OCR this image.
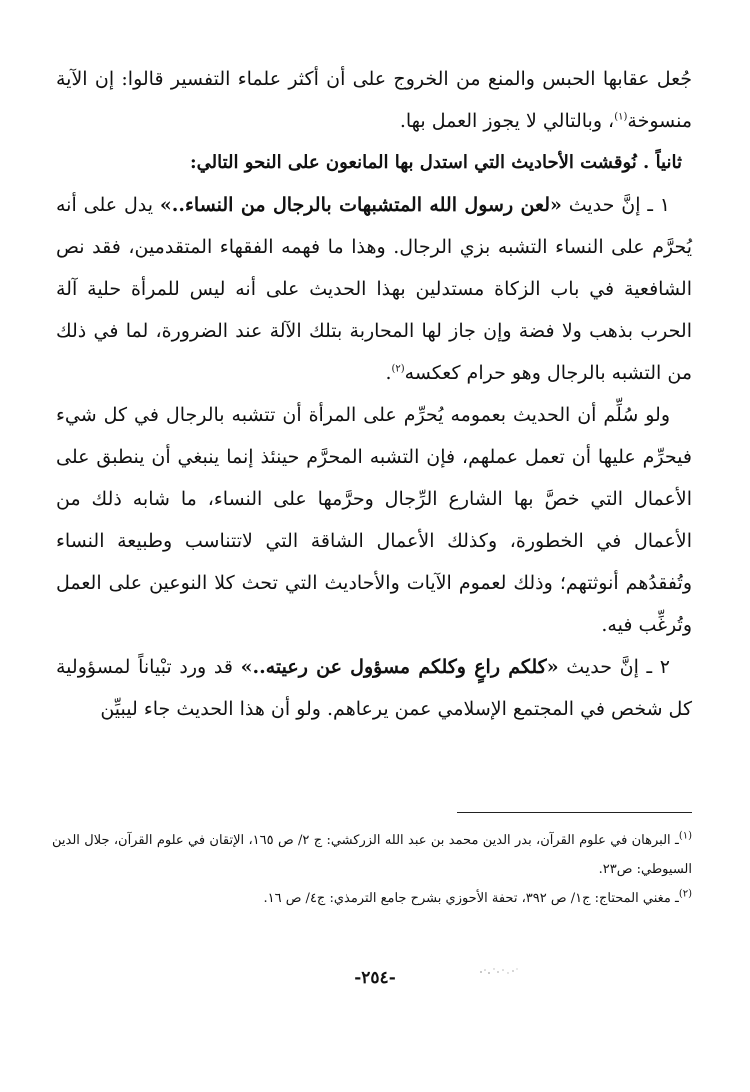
جُعل عقابها الحبس والمنع من الخروج على أن أكثر علماء التفسير قالوا: إن الآية منسوخة$^{(١)}$، وبالتالي لا يجوز العمل بها.

ثانياً . نُوقشت الأحاديث التي استدل بها المانعون على النحو التالي:

١ ـ إنَّ حديث «لعن رسول الله المتشبهات بالرجال من النساء..» يدل على أنه يُحرَّم على النساء التشبه بزي الرجال. وهذا ما فهمه الفقهاء المتقدمين، فقد نص الشافعية في باب الزكاة مستدلين بهذا الحديث على أنه ليس للمرأة حلية آلة الحرب بذهب ولا فضة وإن جاز لها المحاربة بتلك الآلة عند الضرورة، لما في ذلك من التشبه بالرجال وهو حرام كعكسه$^{(٢)}$.

ولو سُلِّم أن الحديث بعمومه يُحرِّم على المرأة أن تتشبه بالرجال في كل شيء فيحرِّم عليها أن تعمل عملهم، فإن التشبه المحرَّم حينئذ إنما ينبغي أن ينطبق على الأعمال التي خصَّ بها الشارع الرِّجال وحرَّمها على النساء، ما شابه ذلك من الأعمال في الخطورة، وكذلك الأعمال الشاقة التي لاتتناسب وطبيعة النساء وتُفقدُهم أنوثتهم؛ وذلك لعموم الآيات والأحاديث التي تحث كلا النوعين على العمل وتُرغِّب فيه.

٢ ـ إنَّ حديث «كلكم راعٍ وكلكم مسؤول عن رعيته..» قد ورد تبْياناً لمسؤولية كل شخص في المجتمع الإسلامي عمن يرعاهم. ولو أن هذا الحديث جاء ليبيِّن

$^{(١)}$ـ البرهان في علوم القرآن، بدر الدين محمد بن عبد الله الزركشي: ج ٢/ ص ١٦٥، الإتقان في علوم القرآن، جلال الدين السيوطي: ص٢٣.

$^{(٢)}$ـ مغني المحتاج: ج١/ ص ٣٩٢، تحفة الأحوزي بشرح جامع الترمذي: ج٤/ ص ١٦.

-٢٥٤-
